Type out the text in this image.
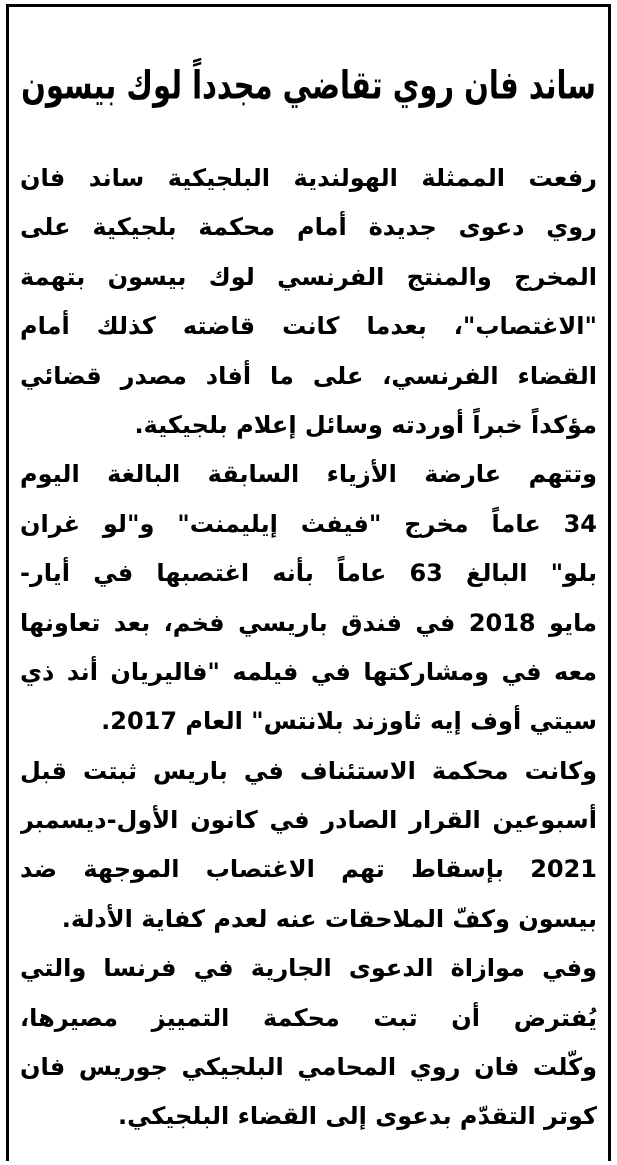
ساند فان روي تقاضي مجدداً لوك بيسون
رفعت الممثلة الهولندية البلجيكية ساند فان
روي دعوى جديدة أمام محكمة بلجيكية على
المخرج والمنتج الفرنسي لوك بيسون بتهمة
"الاغتصاب"، بعدما كانت قاضته كذلك أمام
القضاء الفرنسي، على ما أفاد مصدر قضائي
مؤكداً خبراً أوردته وسائل إعلام بلجيكية.
وتتهم عارضة الأزياء السابقة البالغة اليوم
34 عاماً مخرج "فيفث إيليمنت" و"لو غران
بلو" البالغ 63 عاماً بأنه اغتصبها في أيار-
مايو 2018 في فندق باريسي فخم، بعد تعاونها
معه في ومشاركتها في فيلمه "فاليريان أند ذي
سيتي أوف إيه ثاوزند بلانتس" العام 2017.
وكانت محكمة الاستئناف في باريس ثبتت قبل
أسبوعين القرار الصادر في كانون الأول-ديسمبر
2021 بإسقاط تهم الاغتصاب الموجهة ضد
بيسون وكفّ الملاحقات عنه لعدم كفاية الأدلة.
وفي موازاة الدعوى الجارية في فرنسا والتي
يُفترض أن تبت محكمة التمييز مصيرها،
وكّلت فان روي المحامي البلجيكي جوريس فان
كوتر التقدّم بدعوى إلى القضاء البلجيكي.
